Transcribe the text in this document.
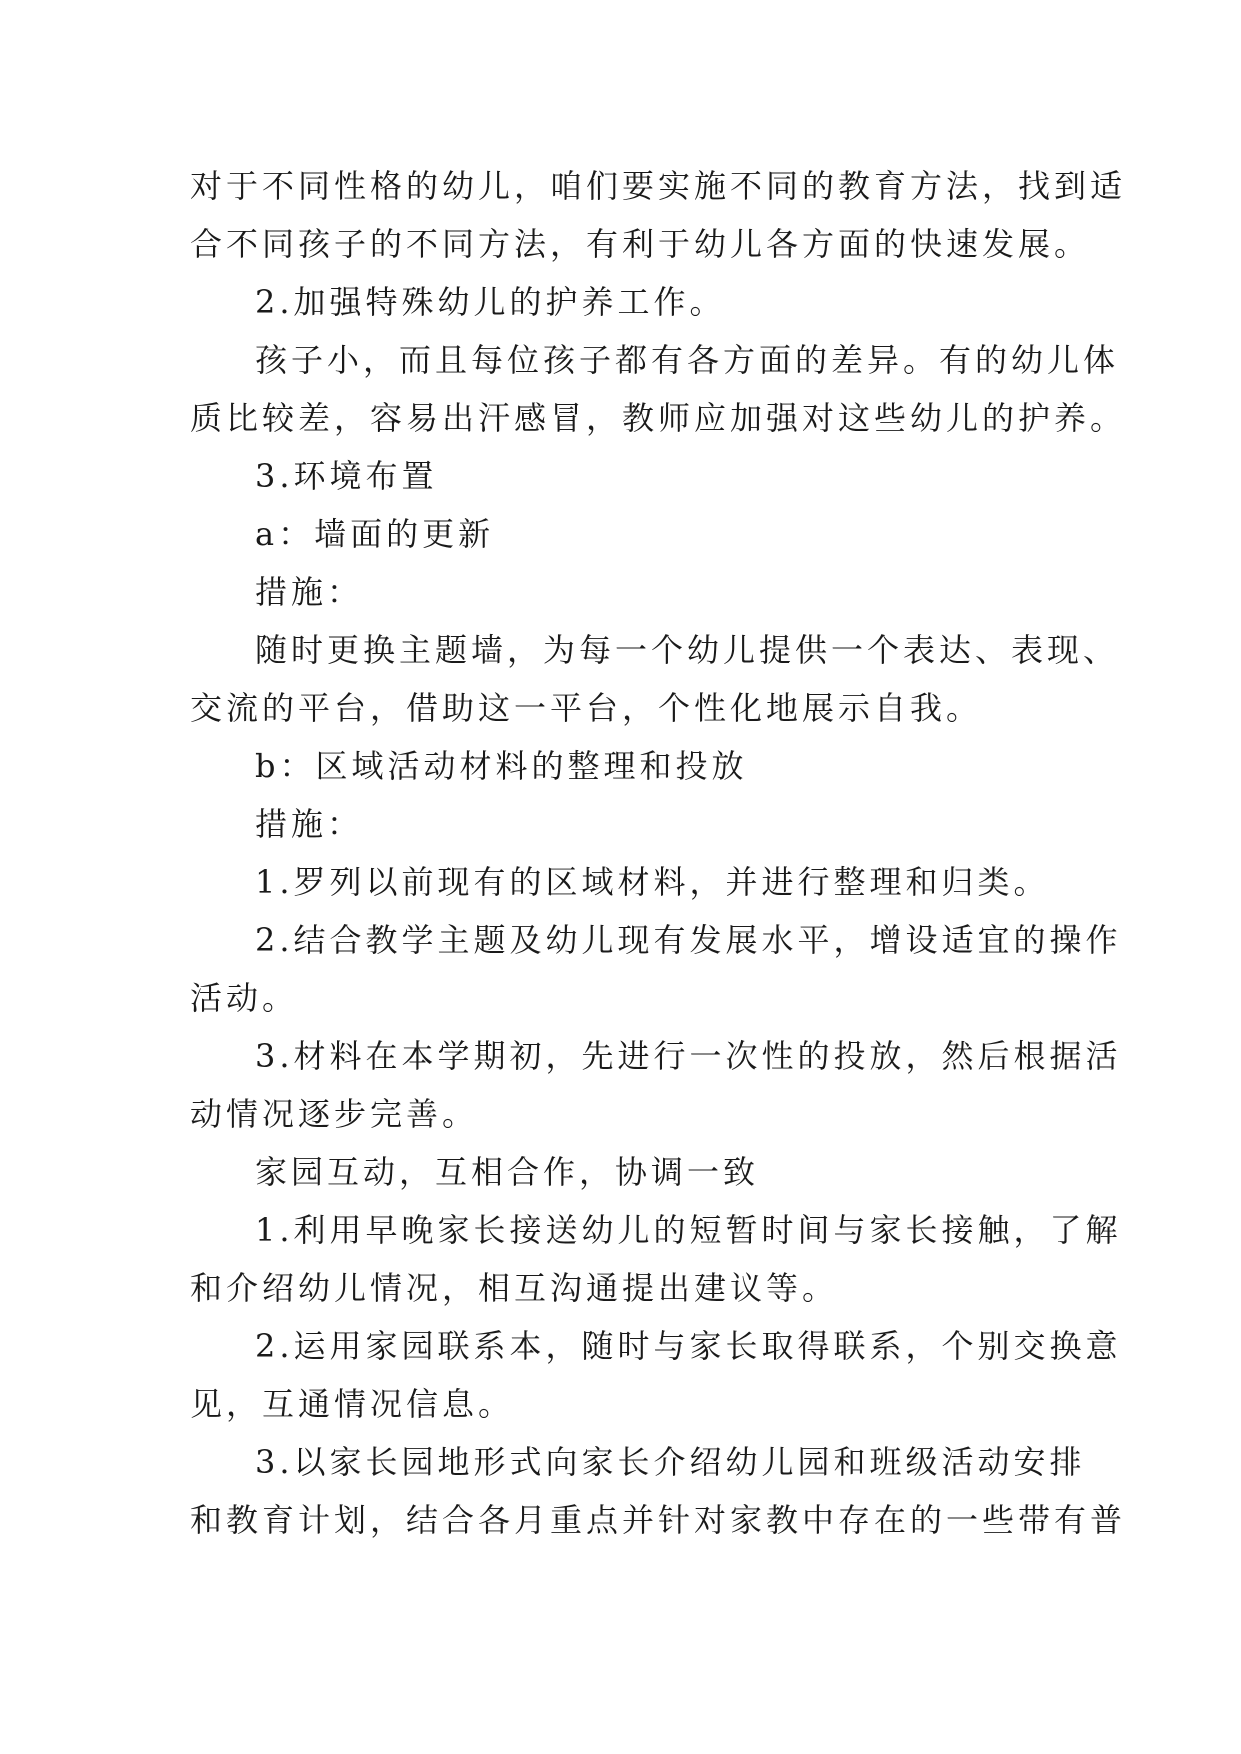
对于不同性格的幼儿，咱们要实施不同的教育方法，找到适
合不同孩子的不同方法，有利于幼儿各方面的快速发展。
2.加强特殊幼儿的护养工作。
孩子小，而且每位孩子都有各方面的差异。有的幼儿体
质比较差，容易出汗感冒，教师应加强对这些幼儿的护养。
3.环境布置
a：墙面的更新
措施：
随时更换主题墙，为每一个幼儿提供一个表达、表现、
交流的平台，借助这一平台，个性化地展示自我。
b：区域活动材料的整理和投放
措施：
1.罗列以前现有的区域材料，并进行整理和归类。
2.结合教学主题及幼儿现有发展水平，增设适宜的操作
活动。
3.材料在本学期初，先进行一次性的投放，然后根据活
动情况逐步完善。
家园互动，互相合作，协调一致
1.利用早晚家长接送幼儿的短暂时间与家长接触，了解
和介绍幼儿情况，相互沟通提出建议等。
2.运用家园联系本，随时与家长取得联系，个别交换意
见，互通情况信息。
3.以家长园地形式向家长介绍幼儿园和班级活动安排
和教育计划，结合各月重点并针对家教中存在的一些带有普
